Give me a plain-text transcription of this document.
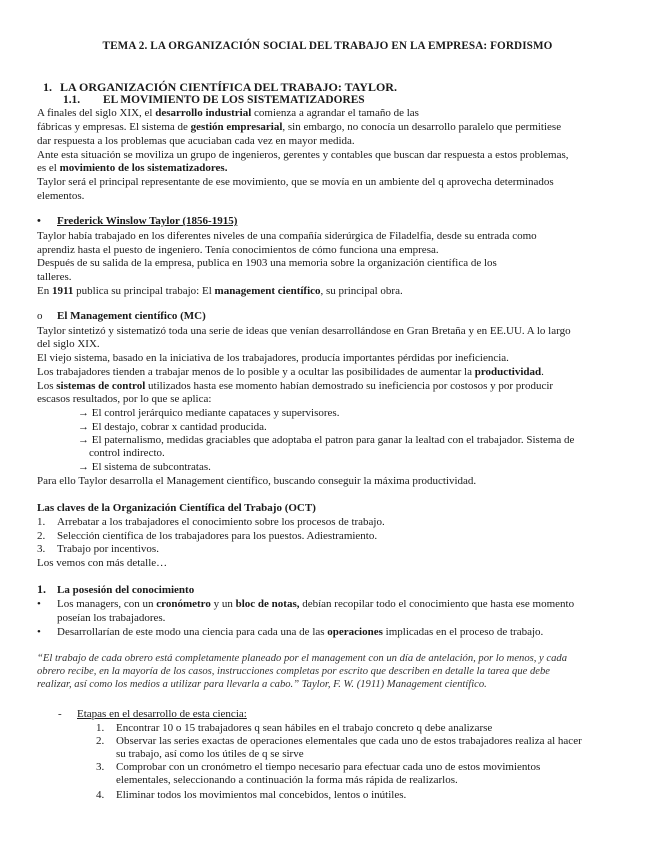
TEMA 2. LA ORGANIZACIÓN SOCIAL DEL TRABAJO EN LA EMPRESA: FORDISMO
1. LA ORGANIZACIÓN CIENTÍFICA DEL TRABAJO: TAYLOR.
1.1. EL MOVIMIENTO DE LOS SISTEMATIZADORES
A finales del siglo XIX, el desarrollo industrial comienza a agrandar el tamaño de las
fábricas y empresas. El sistema de gestión empresarial, sin embargo, no conocía un desarrollo paralelo que permitiese
dar respuesta a los problemas que acuciaban cada vez en mayor medida.
Ante esta situación se moviliza un grupo de ingenieros, gerentes y contables que buscan dar respuesta a estos problemas,
es el movimiento de los sistematizadores.
Taylor será el principal representante de ese movimiento, que se movía en un ambiente del q aprovecha determinados
elementos.
• Frederick Winslow Taylor (1856-1915)
Taylor había trabajado en los diferentes niveles de una compañía siderúrgica de Filadelfia, desde su entrada como
aprendiz hasta el puesto de ingeniero. Tenía conocimientos de cómo funciona una empresa.
Después de su salida de la empresa, publica en 1903 una memoria sobre la organización científica de los
talleres.
En 1911 publica su principal trabajo: El management científico, su principal obra.
o El Management científico (MC)
Taylor sintetizó y sistematizó toda una serie de ideas que venían desarrollándose en Gran Bretaña y en EE.UU. A lo largo
del siglo XIX.
El viejo sistema, basado en la iniciativa de los trabajadores, producía importantes pérdidas por ineficiencia.
Los trabajadores tienden a trabajar menos de lo posible y a ocultar las posibilidades de aumentar la productividad.
Los sistemas de control utilizados hasta ese momento habían demostrado su ineficiencia por costosos y por producir
escasos resultados, por lo que se aplica:
→ El control jerárquico mediante capataces y supervisores.
→ El destajo, cobrar x cantidad producida.
→ El paternalismo, medidas graciables que adoptaba el patron para ganar la lealtad con el trabajador. Sistema de
control indirecto.
→ El sistema de subcontratas.
Para ello Taylor desarrolla el Management científico, buscando conseguir la máxima productividad.
Las claves de la Organización Científica del Trabajo (OCT)
1. Arrebatar a los trabajadores el conocimiento sobre los procesos de trabajo.
2. Selección científica de los trabajadores para los puestos. Adiestramiento.
3. Trabajo por incentivos.
Los vemos con más detalle…
1. La posesión del conocimiento
• Los managers, con un cronómetro y un bloc de notas, debían recopilar todo el conocimiento que hasta ese momento
poseían los trabajadores.
• Desarrollarían de este modo una ciencia para cada una de las operaciones implicadas en el proceso de trabajo.
“El trabajo de cada obrero está completamente planeado por el management con un día de antelación, por lo menos, y cada
obrero recibe, en la mayoría de los casos, instrucciones completas por escrito que describen en detalle la tarea que debe
realizar, así como los medios a utilizar para llevarla a cabo.” Taylor, F. W. (1911) Management científico.
- Etapas en el desarrollo de esta ciencia:
1. Encontrar 10 o 15 trabajadores q sean hábiles en el trabajo concreto q debe analizarse
2. Observar las series exactas de operaciones elementales que cada uno de estos trabajadores realiza al hacer
su trabajo, así como los útiles de q se sirve
3. Comprobar con un cronómetro el tiempo necesario para efectuar cada uno de estos movimientos
elementales, seleccionando a continuación la forma más rápida de realizarlos.
4. Eliminar todos los movimientos mal concebidos, lentos o inútiles.
